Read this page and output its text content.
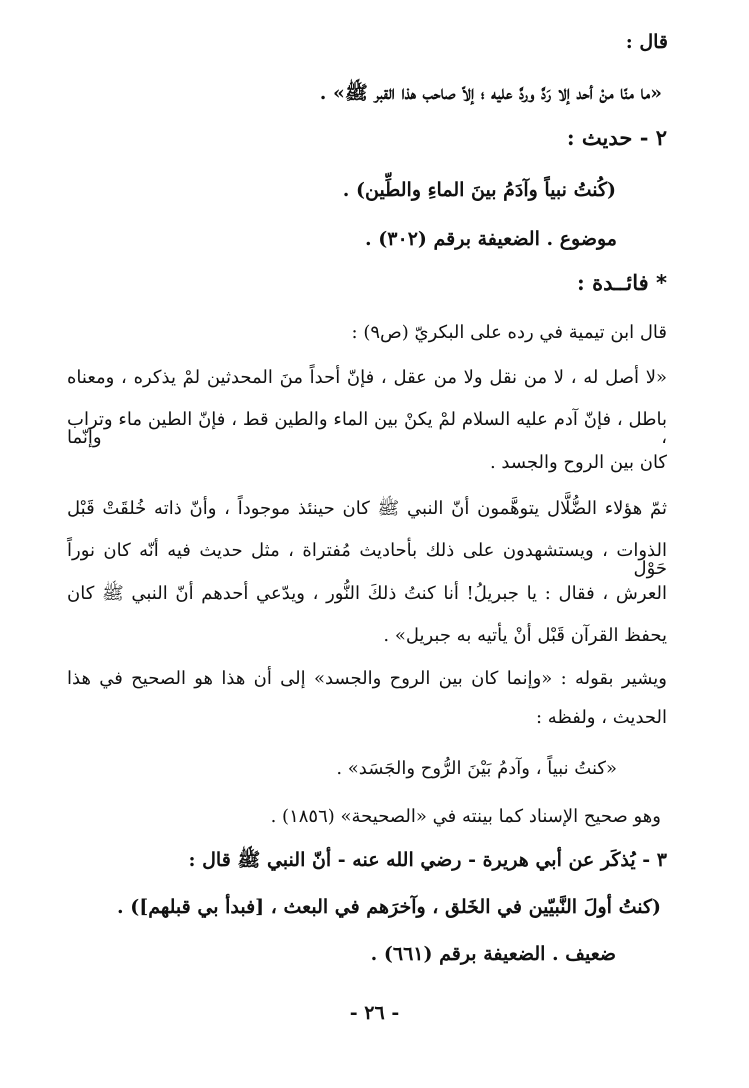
قال :
«ما منّا منْ أحد إلا رَدَّ وردَّ عليه ؛ إلاّ صاحب هذا القبر ﷺ» .
٢ - حديث :
(كُنتُ نبياً وآدَمُ بينَ الماءِ والطِّين) .
موضوع . الضعيفة برقم (٣٠٢) .
* فائــدة :
قال ابن تيمية في رده على البكريّ (ص٩) :
«لا أصل له ، لا من نقل ولا من عقل ، فإنّ أحداً منَ المحدثين لمْ يذكره ، ومعناه
باطل ، فإنّ آدم عليه السلام لمْ يكنْ بين الماء والطين قط ، فإنّ الطين ماء وتراب ، وإنّما
كان بين الروح والجسد .
ثمّ هؤلاء الضُّلَّال يتوهَّمون أنّ النبي ﷺ كان حينئذ موجوداً ، وأنّ ذاته خُلقَتْ قَبْل
الذوات ، ويستشهدون على ذلك بأحاديث مُفتراة ، مثل حديث فيه أنّه كان نوراً حَوْل
العرش ، فقال : يا جبريلُ! أنا كنتُ ذلكَ النُّور ، ويدّعي أحدهم أنّ النبي ﷺ كان
يحفظ القرآن قَبْل أنْ يأتيه به جبريل» .
ويشير بقوله : «وإنما كان بين الروح والجسد» إلى أن هذا هو الصحيح في هذا
الحديث ، ولفظه :
«كنتُ نبياً ، وآدمُ بَيْنَ الرُّوح والجَسَد» .
وهو صحيح الإسناد كما بينته في «الصحيحة» (١٨٥٦) .
٣ - يُذكَر عن أبي هريرة - رضي الله عنه - أنّ النبي ﷺ قال :
(كنتُ أولَ النَّبيّين في الخَلق ، وآخرَهم في البعث ، [فبدأ بي قبلهم]) .
ضعيف . الضعيفة برقم (٦٦١) .
- ٢٦ -
